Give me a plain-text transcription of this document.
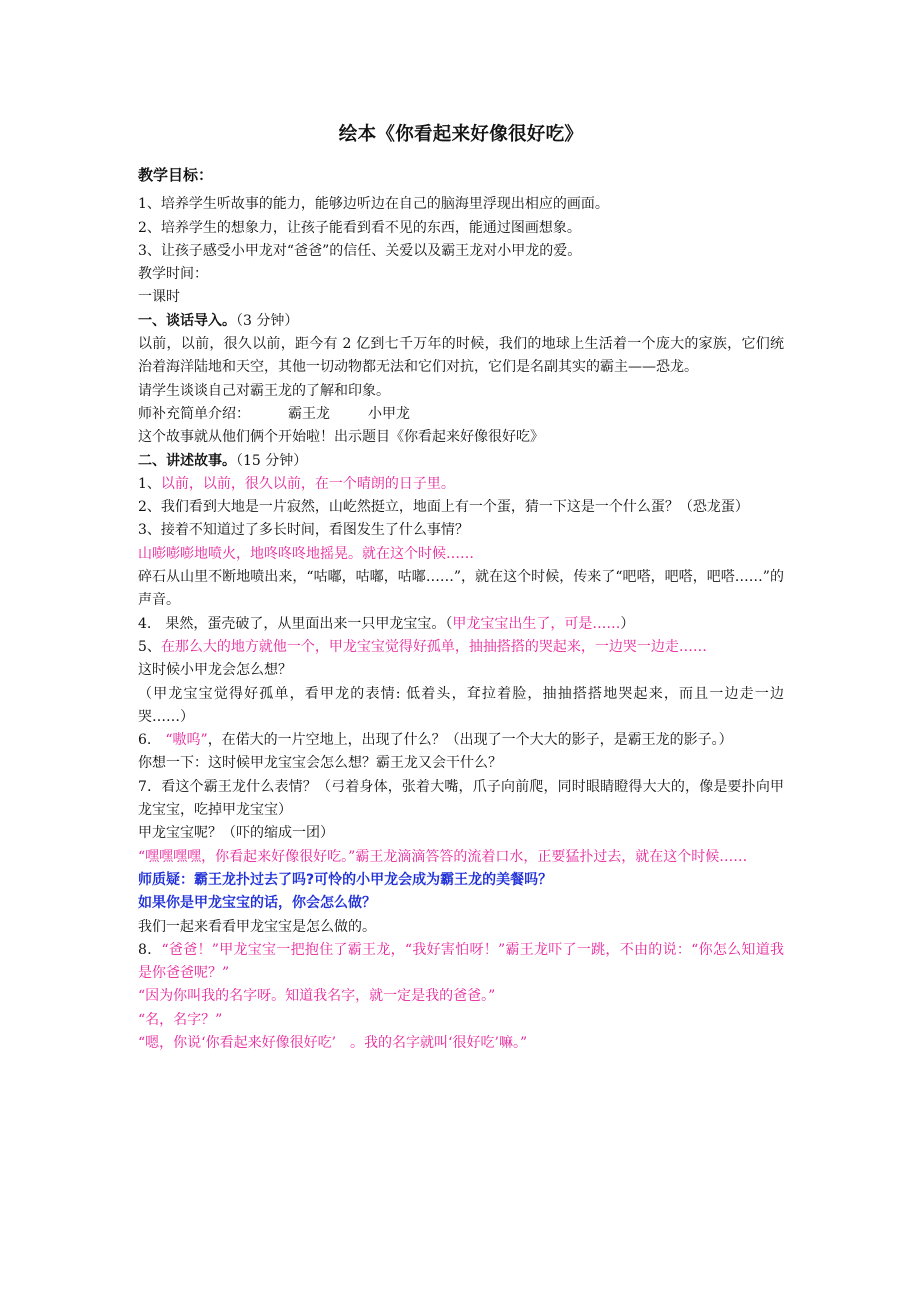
绘本《你看起来好像很好吃》
教学目标：

1、培养学生听故事的能力，能够边听边在自己的脑海里浮现出相应的画面。

2、培养学生的想象力，让孩子能看到看不见的东西，能通过图画想象。

3、让孩子感受小甲龙对“爸爸”的信任、关爱以及霸王龙对小甲龙的爱。

教学时间：

一课时

一、谈话导入。（3 分钟）

以前，以前，很久以前，距今有 2 亿到七千万年的时候，我们的地球上生活着一个庞大的家族，它们统治着海洋陆地和天空，其他一切动物都无法和它们对抗，它们是名副其实的霸主——恐龙。

请学生谈谈自己对霸王龙的了解和印象。

师补充简单介绍：	霸王龙	小甲龙

这个故事就从他们俩个开始啦！出示题目《你看起来好像很好吃》

二、讲述故事。（15 分钟）

1、以前，以前，很久以前，在一个晴朗的日子里。

2、我们看到大地是一片寂然，山屹然挺立，地面上有一个蛋，猜一下这是一个什么蛋？（恐龙蛋）

3、接着不知道过了多长时间，看图发生了什么事情？

山嘭嘭嘭地喷火，地咚咚咚地摇晃。就在这个时候……

碎石从山里不断地喷出来，“咕嘟，咕嘟，咕嘟……”，就在这个时候，传来了“吧嗒，吧嗒，吧嗒……”的声音。

4.　果然，蛋壳破了，从里面出来一只甲龙宝宝。（甲龙宝宝出生了，可是……）

5、在那么大的地方就他一个，甲龙宝宝觉得好孤单，抽抽搭搭的哭起来，一边哭一边走……

这时候小甲龙会怎么想？

（甲龙宝宝觉得好孤单，看甲龙的表情: 低着头，耷拉着脸，抽抽搭搭地哭起来，而且一边走一边哭……）

6.　“嗷呜”，在偌大的一片空地上，出现了什么？（出现了一个大大的影子，是霸王龙的影子。）

你想一下：这时候甲龙宝宝会怎么想？霸王龙又会干什么？

7．看这个霸王龙什么表情？（弓着身体，张着大嘴，爪子向前爬，同时眼睛瞪得大大的，像是要扑向甲龙宝宝，吃掉甲龙宝宝）

甲龙宝宝呢？（吓的缩成一团）

“嘿嘿嘿嘿，你看起来好像很好吃。”霸王龙滴滴答答的流着口水，正要猛扑过去，就在这个时候……

师质疑：霸王龙扑过去了吗?可怜的小甲龙会成为霸王龙的美餐吗？

如果你是甲龙宝宝的话，你会怎么做？

我们一起来看看甲龙宝宝是怎么做的。

8．“爸爸！”甲龙宝宝一把抱住了霸王龙，“我好害怕呀！”霸王龙吓了一跳，不由的说：“你怎么知道我是你爸爸呢？”

“因为你叫我的名字呀。知道我名字，就一定是我的爸爸。”

“名，名字？”

“嗯，你说‘你看起来好像很好吃’　。我的名字就叫‘很好吃’嘛。”
